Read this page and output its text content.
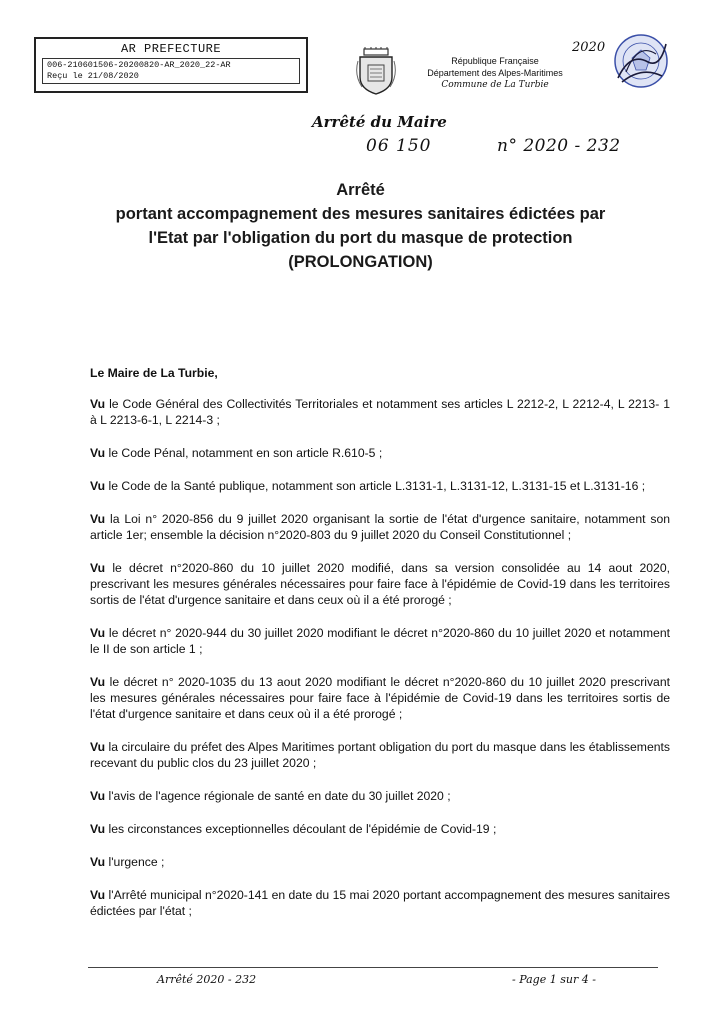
AR PREFECTURE
006-210601506-20200820-AR_2020_22-AR
Reçu le 21/08/2020
République Française
Département des Alpes-Maritimes
Commune de La Turbie
2020
Arrêté du Maire
06 150	n° 2020 - 232
Arrêté
portant accompagnement des mesures sanitaires édictées par
l'Etat par l'obligation du port du masque de protection
(PROLONGATION)

Le Maire de La Turbie,

Vu le Code Général des Collectivités Territoriales et notamment ses articles L 2212-2, L 2212-4, L 2213- 1 à L 2213-6-1, L 2214-3 ;

Vu le Code Pénal, notamment en son article R.610-5 ;

Vu le Code de la Santé publique, notamment son article L.3131-1, L.3131-12, L.3131-15 et L.3131-16 ;

Vu la Loi n° 2020-856 du 9 juillet 2020 organisant la sortie de l'état d'urgence sanitaire, notamment son article 1er; ensemble la décision n°2020-803 du 9 juillet 2020 du Conseil Constitutionnel ;

Vu le décret n°2020-860 du 10 juillet 2020 modifié, dans sa version consolidée au 14 aout 2020, prescrivant les mesures générales nécessaires pour faire face à l'épidémie de Covid-19 dans les territoires sortis de l'état d'urgence sanitaire et dans ceux où il a été prorogé ;

Vu le décret n° 2020-944 du 30 juillet 2020 modifiant le décret n°2020-860 du 10 juillet 2020 et notamment le II de son article 1 ;

Vu le décret n° 2020-1035 du 13 aout 2020 modifiant le décret n°2020-860 du 10 juillet 2020 prescrivant les mesures générales nécessaires pour faire face à l'épidémie de Covid-19 dans les territoires sortis de l'état d'urgence sanitaire et dans ceux où il a été prorogé ;

Vu la circulaire du préfet des Alpes Maritimes portant obligation du port du masque dans les établissements recevant du public clos du 23 juillet 2020 ;

Vu l'avis de l'agence régionale de santé en date du 30 juillet 2020 ;

Vu les circonstances exceptionnelles découlant de l'épidémie de Covid-19 ;

Vu l'urgence ;

Vu l'Arrêté municipal n°2020-141 en date du 15 mai 2020 portant accompagnement des mesures sanitaires édictées par l'état ;

Arrêté 2020 - 232	- Page 1 sur 4 -
